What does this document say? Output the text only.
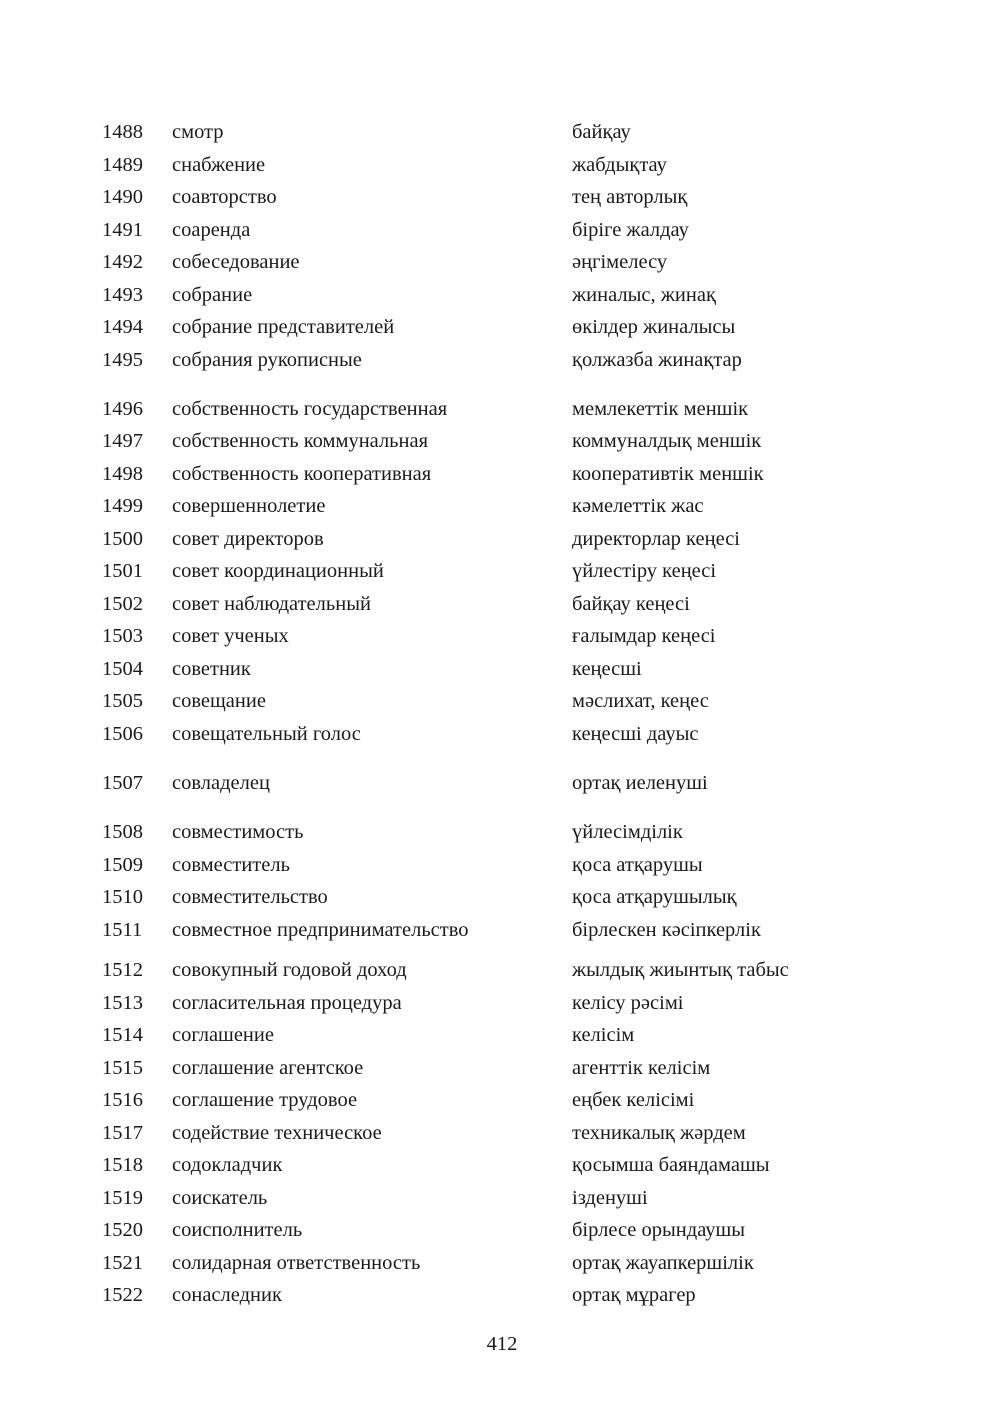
1488 смотр	байқау
1489 снабжение	жабдықтау
1490 соавторство	тең авторлық
1491 соаренда	біріге жалдау
1492 собеседование	әңгімелесу
1493 собрание	жиналыс, жинақ
1494 собрание представителей	өкілдер жиналысы
1495 собрания рукописные	қолжазба жинақтар
1496 собственность государственная	мемлекеттік меншік
1497 собственность коммунальная	коммуналдық меншік
1498 собственность кооперативная	кооперативтік меншік
1499 совершеннолетие	кәмелеттік жас
1500 совет директоров	директорлар кеңесі
1501 совет координационный	үйлестіру кеңесі
1502 совет наблюдательный	байқау кеңесі
1503 совет ученых	ғалымдар кеңесі
1504 советник	кеңесші
1505 совещание	мәслихат, кеңес
1506 совещательный голос	кеңесші дауыс
1507 совладелец	ортақ иеленуші
1508 совместимость	үйлесімділік
1509 совместитель	қоса атқарушы
1510 совместительство	қоса атқарушылық
1511 совместное предпринимательство	бірлескен кәсіпкерлік
1512 совокупный годовой доход	жылдық жиынтық табыс
1513 согласительная процедура	келісу рәсімі
1514 соглашение	келісім
1515 соглашение агентское	агенттік келісім
1516 соглашение трудовое	еңбек келісімі
1517 содействие техническое	техникалық жәрдем
1518 содокладчик	қосымша баяндамашы
1519 соискатель	ізденуші
1520 соисполнитель	бірлесе орындаушы
1521 солидарная ответственность	ортақ жауапкершілік
1522 сонаследник	ортақ мұрагер
412
